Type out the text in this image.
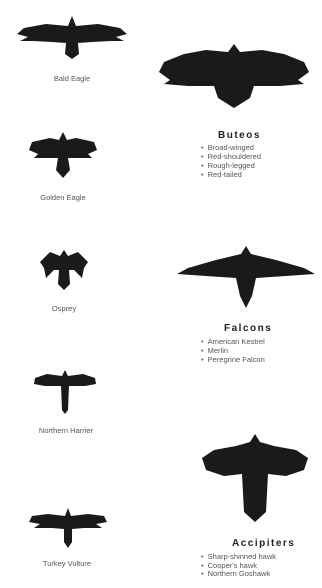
Bald Eagle
Golden Eagle
Osprey
Northern Harrier
Turkey Vulture
Buteos
• Broad-winged
• Red-shouldered
• Rough-legged
• Red-tailed
Falcons
• American Kestrel
• Merlin
• Peregrine Falcon
Accipiters
• Sharp-shinned hawk
• Cooper's hawk
• Northern Goshawk
